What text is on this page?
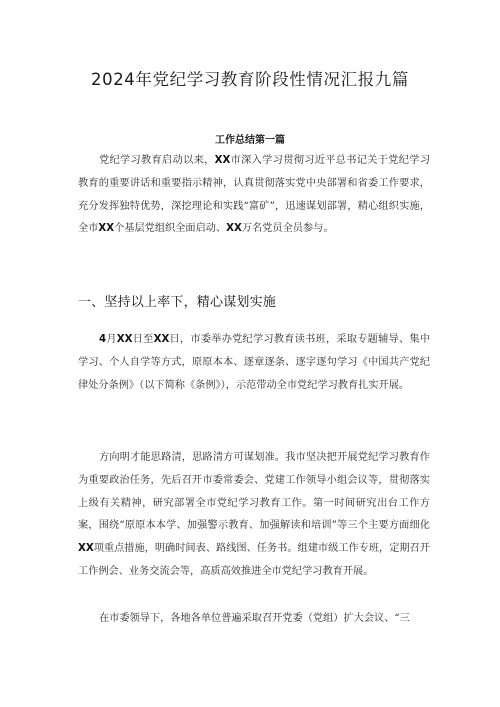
2024年党纪学习教育阶段性情况汇报九篇
工作总结第一篇

党纪学习教育启动以来，XX市深入学习贯彻习近平总书记关于党纪学习教育的重要讲话和重要指示精神，认真贯彻落实党中央部署和省委工作要求，充分发挥独特优势，深挖理论和实践“富矿”，迅速谋划部署，精心组织实施，全市XX个基层党组织全面启动、XX万名党员全员参与。

一、坚持以上率下，精心谋划实施

4月XX日至XX日，市委举办党纪学习教育读书班，采取专题辅导、集中学习、个人自学等方式，原原本本、逐章逐条、逐字逐句学习《中国共产党纪律处分条例》（以下简称《条例》），示范带动全市党纪学习教育扎实开展。

方向明才能思路清，思路清方可谋划准。我市坚决把开展党纪学习教育作为重要政治任务，先后召开市委常委会、党建工作领导小组会议等，贯彻落实上级有关精神，研究部署全市党纪学习教育工作。第一时间研究出台工作方案，围绕“原原本本学、加强警示教育、加强解读和培训”等三个主要方面细化XX项重点措施，明确时间表、路线图、任务书。组建市级工作专班，定期召开工作例会、业务交流会等，高质高效推进全市党纪学习教育开展。

在市委领导下，各地各单位普遍采取召开党委（党组）扩大会议、“三
